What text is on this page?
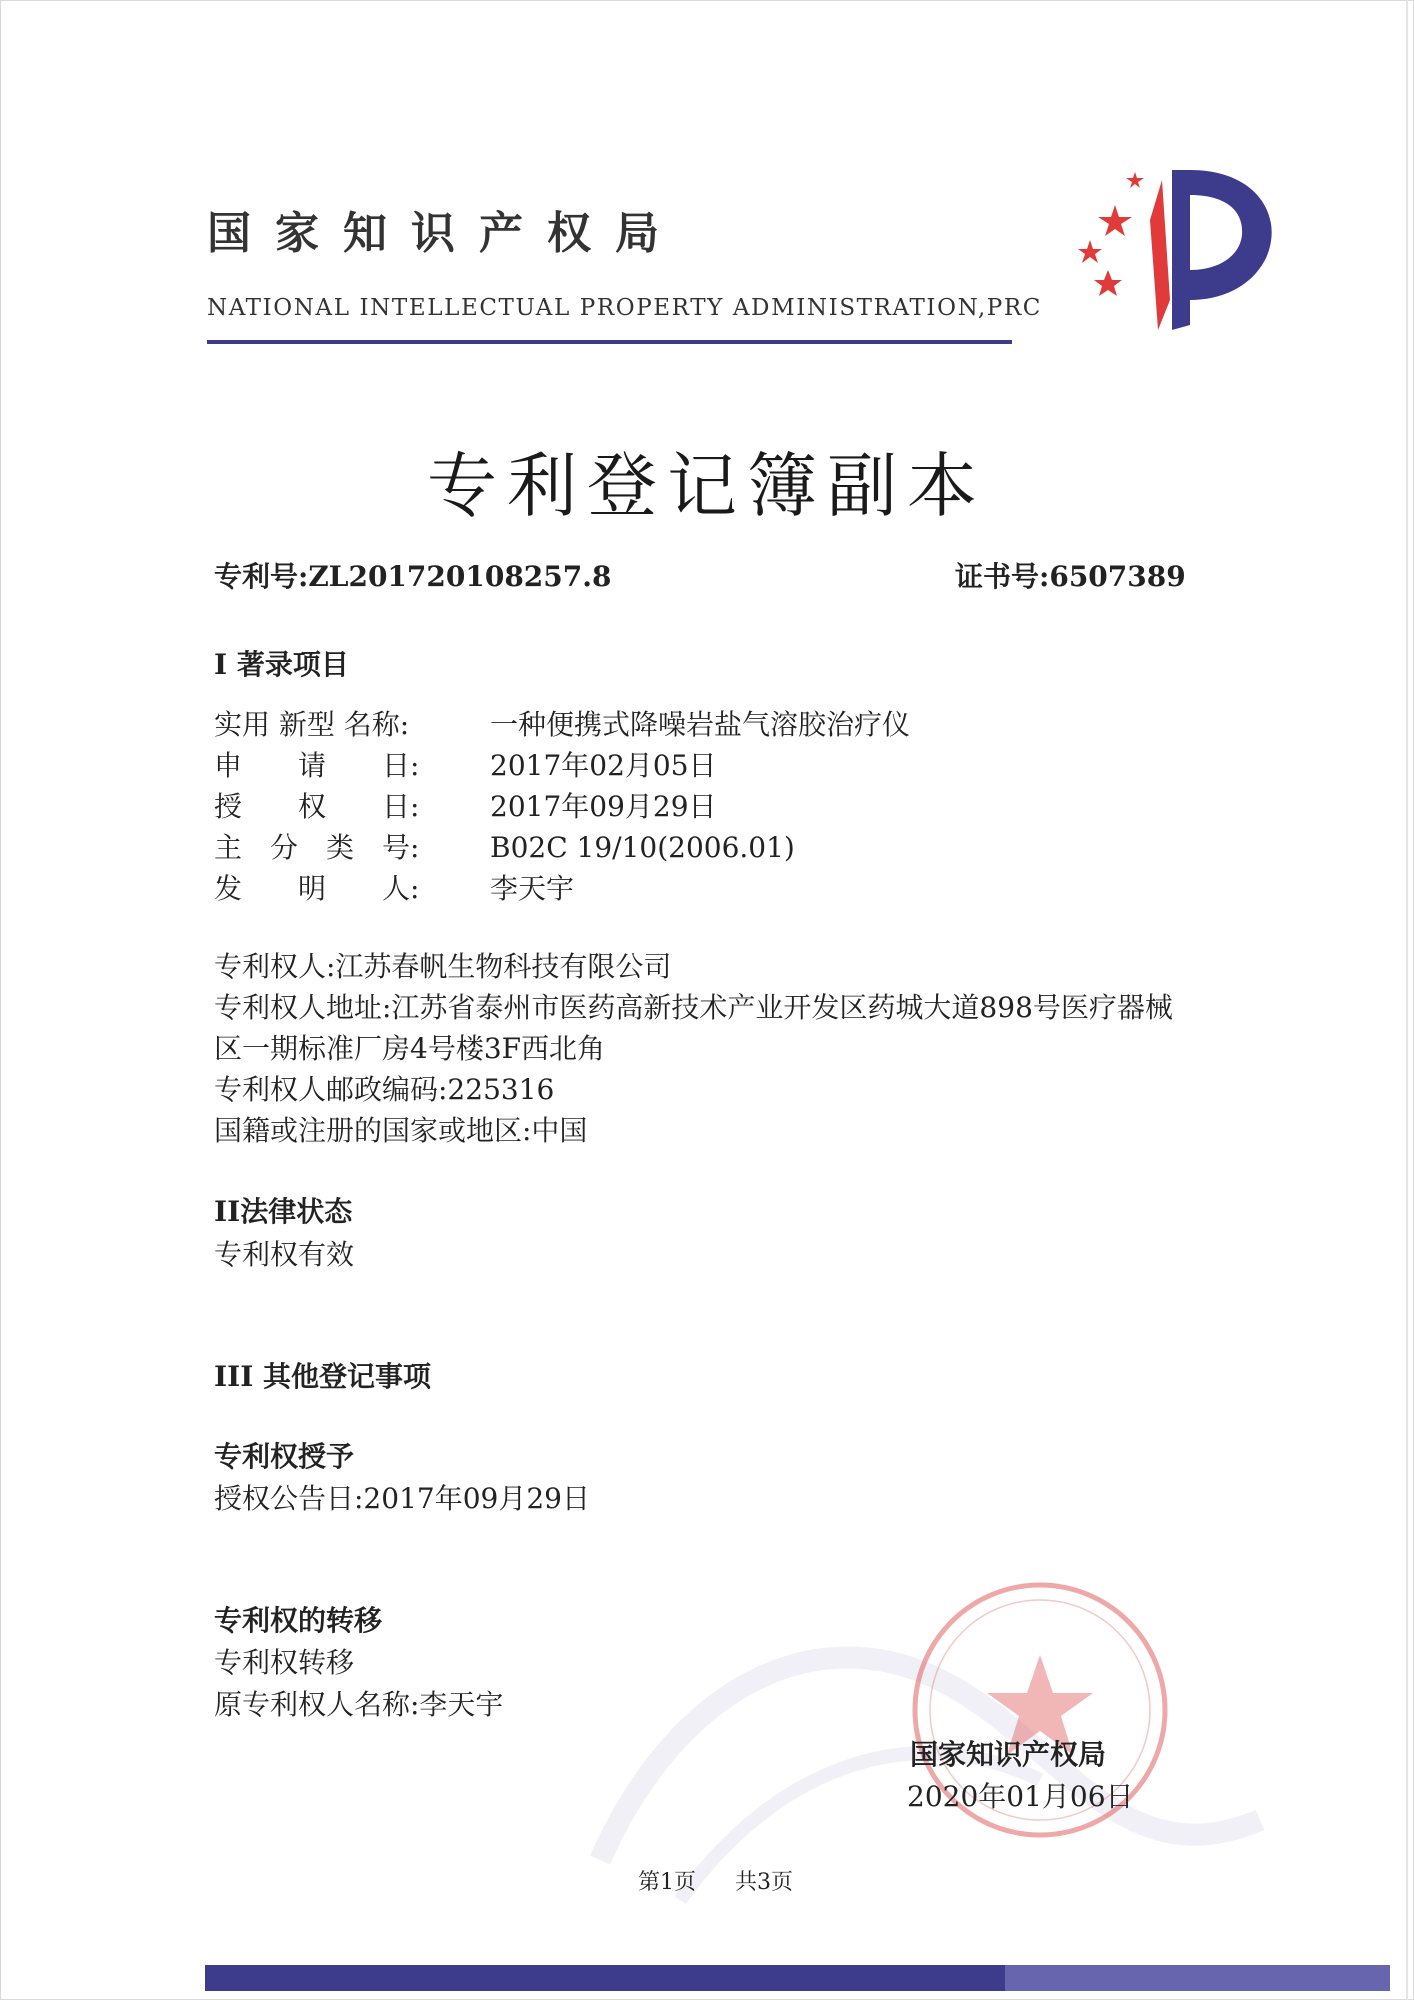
国家知识产权局
NATIONAL INTELLECTUAL PROPERTY ADMINISTRATION,PRC
专利登记簿副本
专利号:ZL201720108257.8	证书号:6507389
I 著录项目
实用 新型 名称:	一种便携式降噪岩盐气溶胶治疗仪
申　　请　　日:	2017年02月05日
授　　权　　日:	2017年09月29日
主　分　类　号:	B02C 19/10(2006.01)
发　　明　　人:	李天宇
专利权人:江苏春帆生物科技有限公司
专利权人地址:江苏省泰州市医药高新技术产业开发区药城大道898号医疗器械
区一期标准厂房4号楼3F西北角
专利权人邮政编码:225316
国籍或注册的国家或地区:中国
II法律状态
专利权有效
III 其他登记事项
专利权授予
授权公告日:2017年09月29日
专利权的转移
专利权转移
原专利权人名称:李天宇
国家知识产权局
2020年01月06日
第1页 共3页
